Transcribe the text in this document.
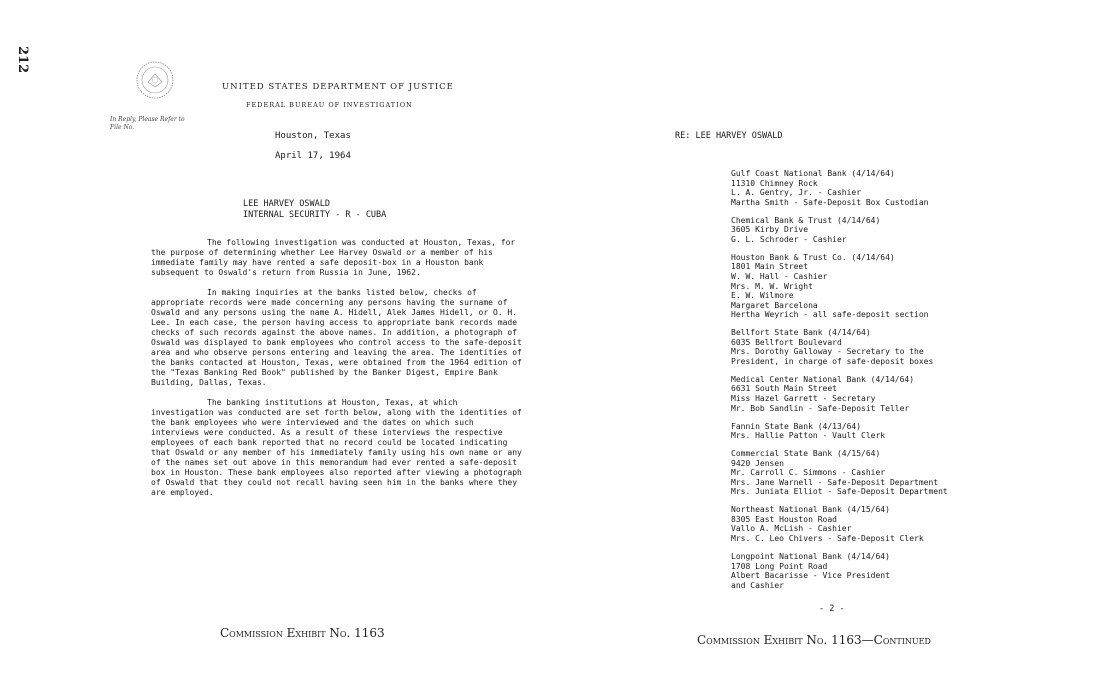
212
In Reply, Please Refer to
File No.
UNITED STATES DEPARTMENT OF JUSTICE
FEDERAL BUREAU OF INVESTIGATION
Houston, Texas
April 17, 1964
LEE HARVEY OSWALD
INTERNAL SECURITY - R - CUBA

The following investigation was conducted at Houston, Texas, for the purpose of determining whether Lee Harvey Oswald or a member of his immediate family may have rented a safe deposit-box in a Houston bank subsequent to Oswald's return from Russia in June, 1962.

In making inquiries at the banks listed below, checks of appropriate records were made concerning any persons having the surname of Oswald and any persons using the name A. Hidell, Alek James Hidell, or O. H. Lee. In each case, the person having access to appropriate bank records made checks of such records against the above names. In addition, a photograph of Oswald was displayed to bank employees who control access to the safe-deposit area and who observe persons entering and leaving the area. The identities of the banks contacted at Houston, Texas, were obtained from the 1964 edition of the "Texas Banking Red Book" published by the Banker Digest, Empire Bank Building, Dallas, Texas.

The banking institutions at Houston, Texas, at which investigation was conducted are set forth below, along with the identities of the bank employees who were interviewed and the dates on which such interviews were conducted. As a result of these interviews the respective employees of each bank reported that no record could be located indicating that Oswald or any member of his immediately family using his own name or any of the names set out above in this memorandum had ever rented a safe-deposit box in Houston. These bank employees also reported after viewing a photograph of Oswald that they could not recall having seen him in the banks where they are employed.

Commission Exhibit No. 1163
RE: LEE HARVEY OSWALD
Gulf Coast National Bank (4/14/64)
11310 Chimney Rock
L. A. Gentry, Jr. - Cashier
Martha Smith - Safe-Deposit Box Custodian
Chemical Bank & Trust (4/14/64)
3605 Kirby Drive
G. L. Schroder - Cashier
Houston Bank & Trust Co. (4/14/64)
1801 Main Street
W. W. Hall - Cashier
Mrs. M. W. Wright
E. W. Wilmore
Margaret Barcelona
Hertha Weyrich - all safe-deposit section
Bellfort State Bank (4/14/64)
6035 Bellfort Boulevard
Mrs. Dorothy Galloway - Secretary to the
President, in charge of safe-deposit boxes
Medical Center National Bank (4/14/64)
6631 South Main Street
Miss Hazel Garrett - Secretary
Mr. Bob Sandlin - Safe-Deposit Teller
Fannin State Bank (4/13/64)
Mrs. Hallie Patton - Vault Clerk
Commercial State Bank (4/15/64)
9420 Jensen
Mr. Carroll C. Simmons - Cashier
Mrs. Jane Warnell - Safe-Deposit Department
Mrs. Juniata Elliot - Safe-Deposit Department
Northeast National Bank (4/15/64)
8305 East Houston Road
Vallo A. McLish - Cashier
Mrs. C. Leo Chivers - Safe-Deposit Clerk
Longpoint National Bank (4/14/64)
1708 Long Point Road
Albert Bacarisse - Vice President
and Cashier
- 2 -
Commission Exhibit No. 1163—Continued
